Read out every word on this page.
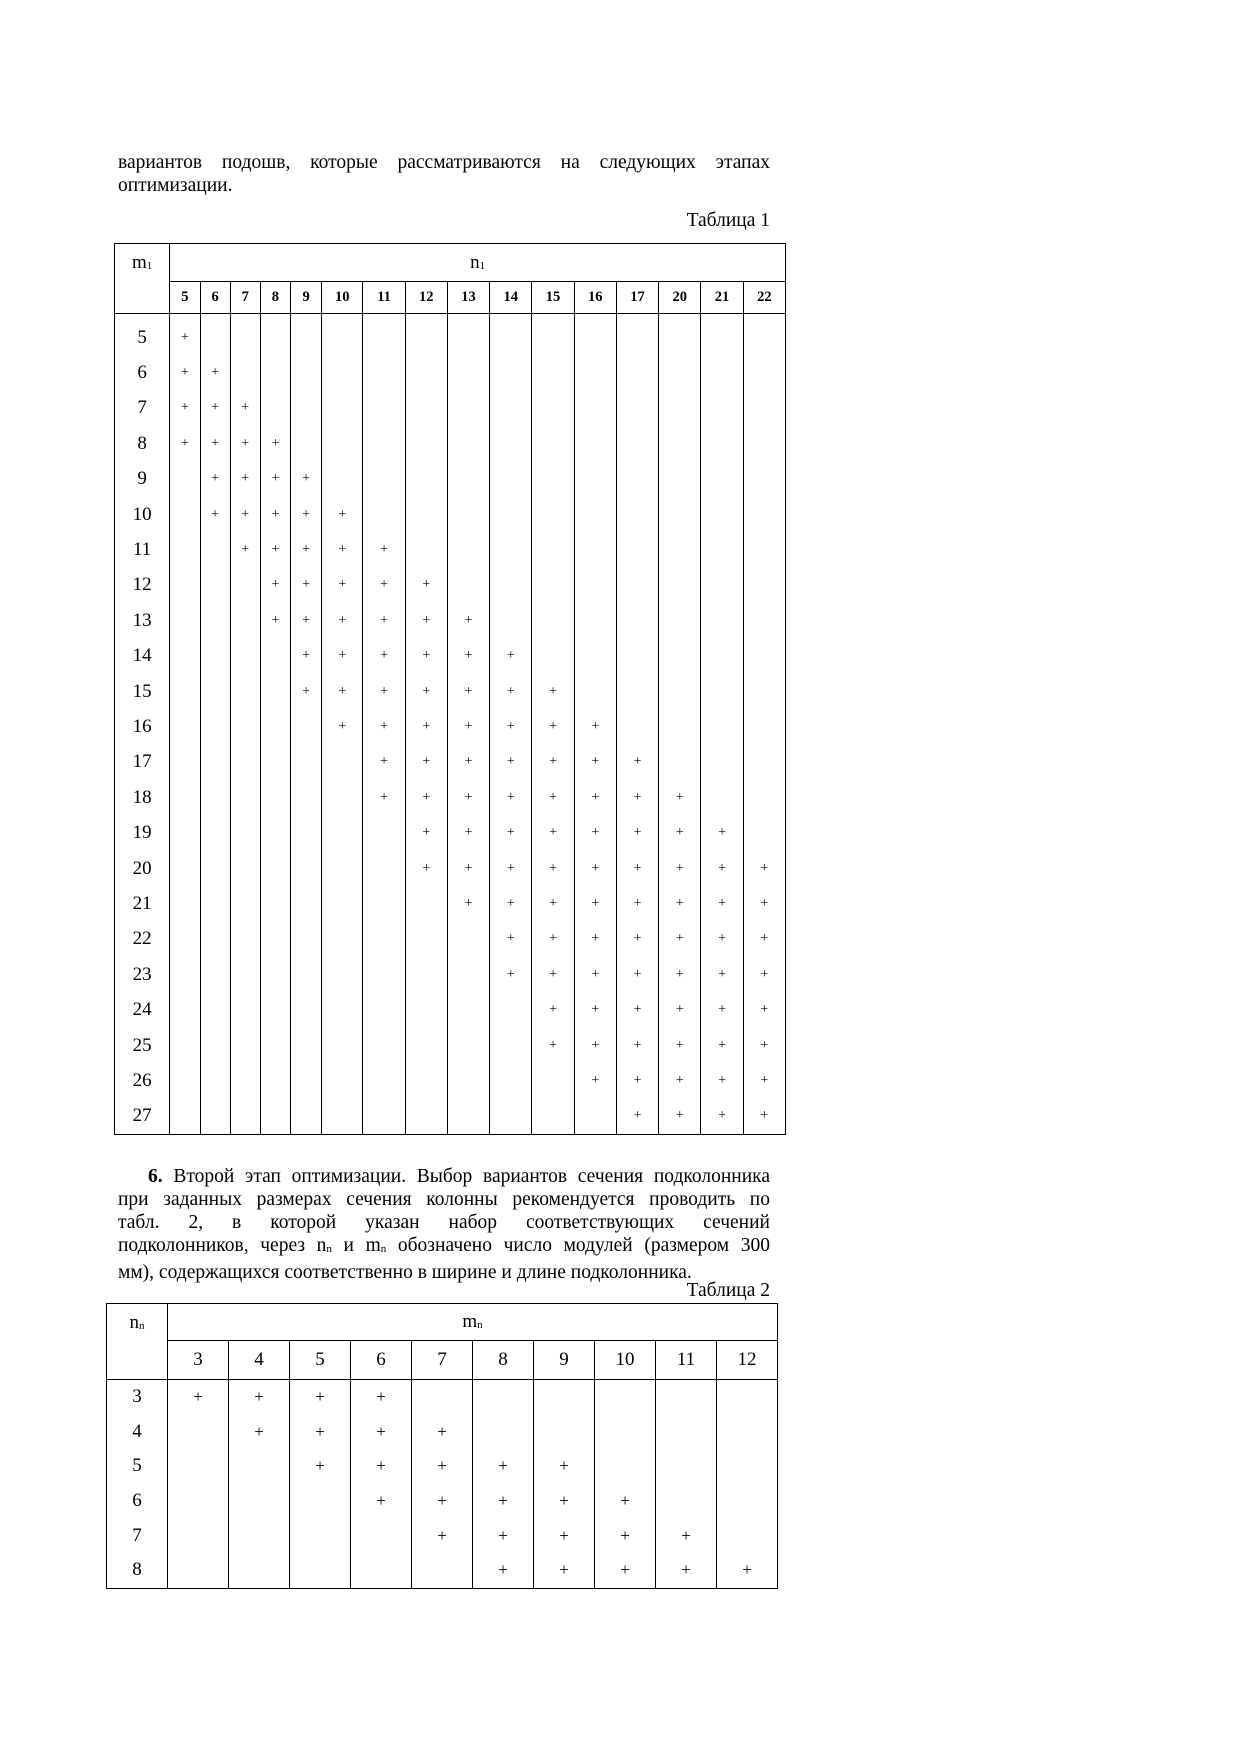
вариантов подошв, которые рассматриваются на следующих этапах
оптимизации.
Таблица 1
$m_1$	$n_1$
	5	6	7	8	9	10	11	12	13	14	15	16	17	20	21	22

5	+															
6	+	+														
7	+	+	+													
8	+	+	+	+												
9		+	+	+	+											
10		+	+	+	+	+										
11			+	+	+	+	+									
12				+	+	+	+	+								
13				+	+	+	+	+	+							
14					+	+	+	+	+	+						
15					+	+	+	+	+	+	+					
16						+	+	+	+	+	+	+				
17							+	+	+	+	+	+	+			
18							+	+	+	+	+	+	+	+		
19								+	+	+	+	+	+	+	+	
20								+	+	+	+	+	+	+	+	+
21									+	+	+	+	+	+	+	+
22										+	+	+	+	+	+	+
23										+	+	+	+	+	+	+
24											+	+	+	+	+	+
25											+	+	+	+	+	+
26												+	+	+	+	+
27													+	+	+	+
6. Второй этап оптимизации. Выбор вариантов сечения подколонника
при заданных размерах сечения колонны рекомендуется проводить по
табл. 2, в которой указан набор соответствующих сечений
подколонников, через $n_n$ и $m_n$ обозначено число модулей (размером 300
мм), содержащихся соответственно в ширине и длине подколонника.
Таблица 2
$n_n$	$m_n$
	3	4	5	6	7	8	9	10	11	12
3	+	+	+	+						
4		+	+	+	+					
5			+	+	+	+	+			
6				+	+	+	+	+		
7					+	+	+	+	+	
8						+	+	+	+	+
